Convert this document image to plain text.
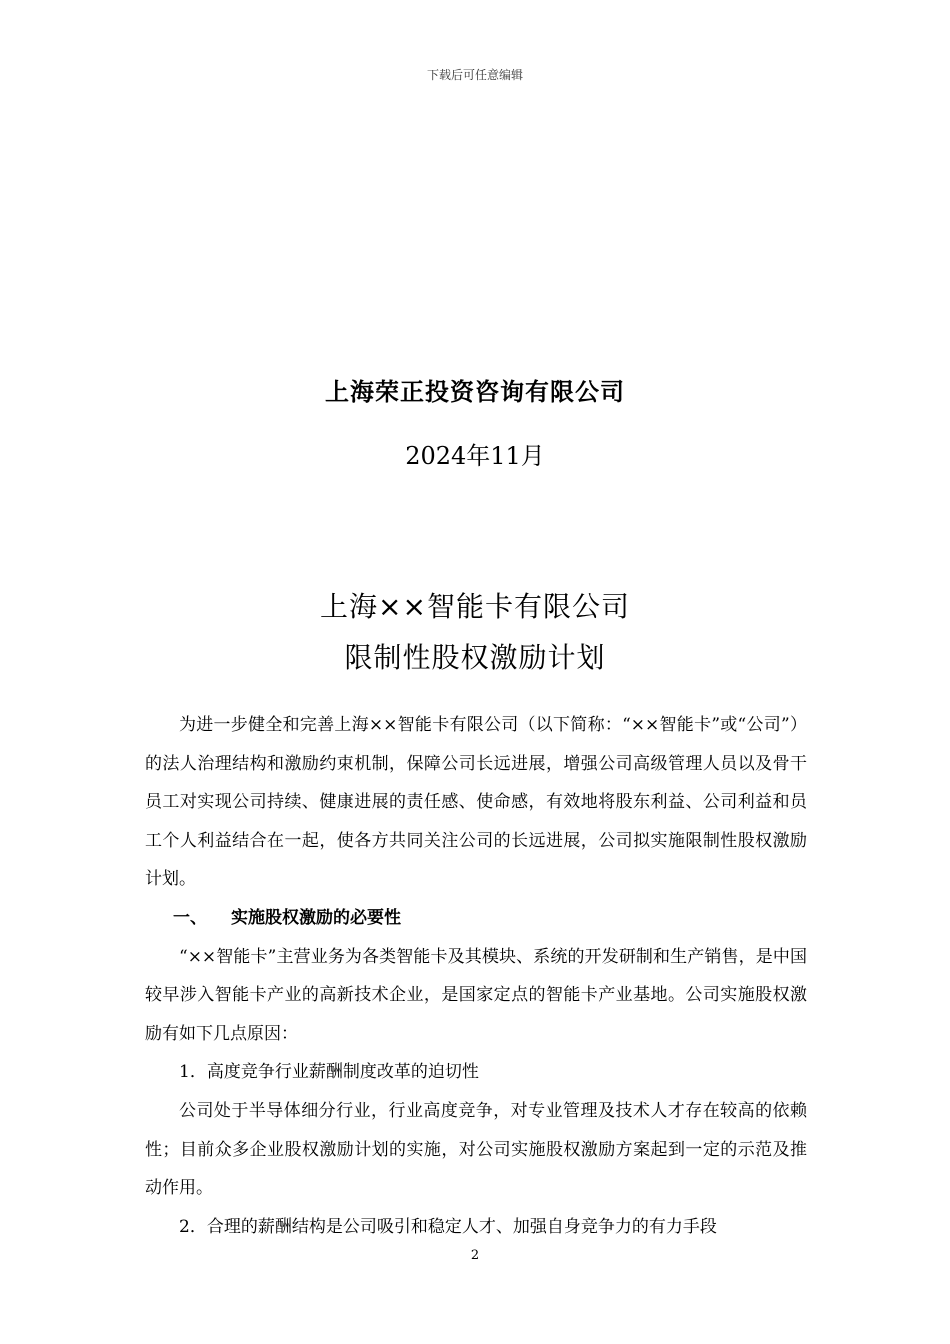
下载后可任意编辑
上海荣正投资咨询有限公司
2024年11月
上海××智能卡有限公司
限制性股权激励计划

为进一步健全和完善上海××智能卡有限公司（以下简称：“××智能卡”或“公司”）的法人治理结构和激励约束机制，保障公司长远进展，增强公司高级管理人员以及骨干员工对实现公司持续、健康进展的责任感、使命感，有效地将股东利益、公司利益和员工个人利益结合在一起，使各方共同关注公司的长远进展，公司拟实施限制性股权激励计划。

一、 实施股权激励的必要性

“××智能卡”主营业务为各类智能卡及其模块、系统的开发研制和生产销售，是中国较早涉入智能卡产业的高新技术企业，是国家定点的智能卡产业基地。公司实施股权激励有如下几点原因：

1．高度竞争行业薪酬制度改革的迫切性

公司处于半导体细分行业，行业高度竞争，对专业管理及技术人才存在较高的依赖性；目前众多企业股权激励计划的实施，对公司实施股权激励方案起到一定的示范及推动作用。

2．合理的薪酬结构是公司吸引和稳定人才、加强自身竞争力的有力手段

2
